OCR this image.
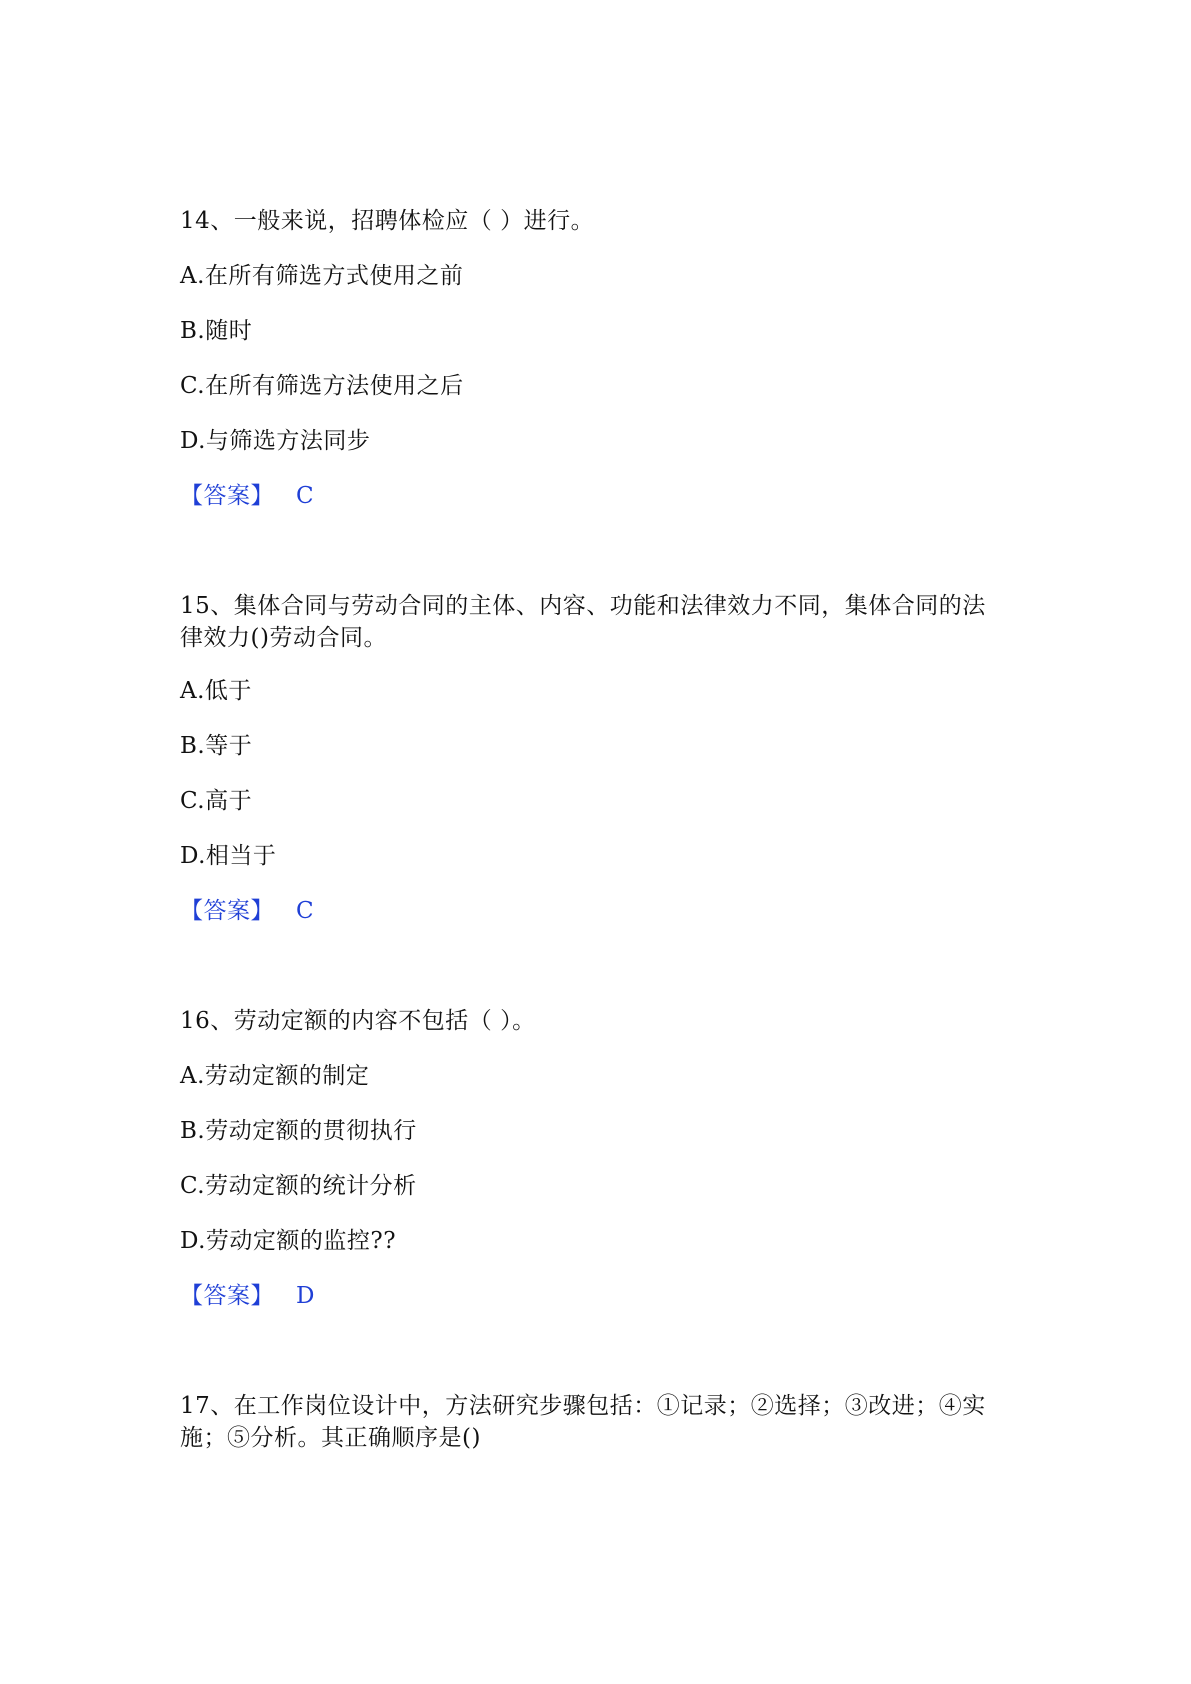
14、一般来说，招聘体检应（ ）进行。
A.在所有筛选方式使用之前
B.随时
C.在所有筛选方法使用之后
D.与筛选方法同步
【答案】 C
15、集体合同与劳动合同的主体、内容、功能和法律效力不同，集体合同的法
律效力()劳动合同。
A.低于
B.等于
C.高于
D.相当于
【答案】 C
16、劳动定额的内容不包括（ ）。
A.劳动定额的制定
B.劳动定额的贯彻执行
C.劳动定额的统计分析
D.劳动定额的监控??
【答案】 D
17、在工作岗位设计中，方法研究步骤包括：①记录；②选择；③改进；④实
施；⑤分析。其正确顺序是()
